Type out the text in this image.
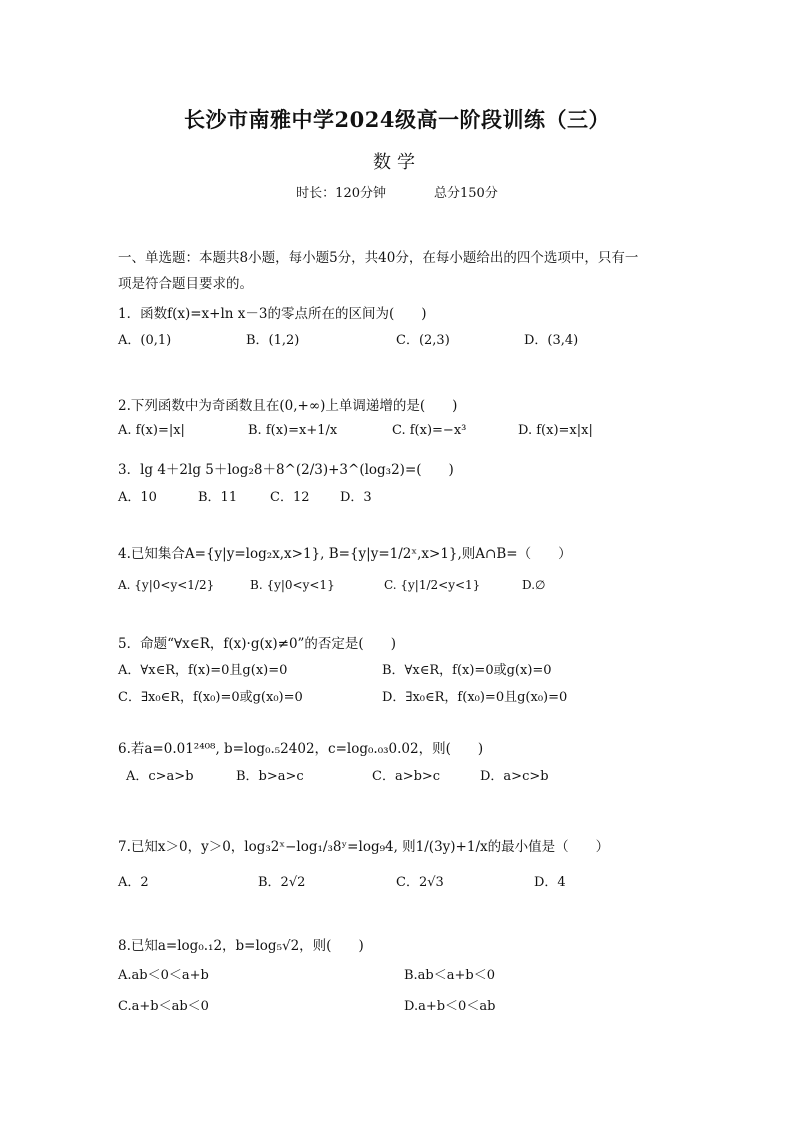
长沙市南雅中学2024级高一阶段训练（三）
数学
时长：120分钟	总分150分
一、单选题：本题共8小题，每小题5分，共40分，在每小题给出的四个选项中，只有一
项是符合题目要求的。
1．函数f(x)=x+ln x－3的零点所在的区间为(　　)
A．(0,1)	B．(1,2)	C．(2,3)	D．(3,4)
2.下列函数中为奇函数且在(0,+∞)上单调递增的是(　　)
A. f(x)=|x|	B. f(x)=x+1/x	C. f(x)=−x³	D. f(x)=x|x|
3．lg 4＋2lg 5＋log₂8＋8^(2/3)+3^(log₃2)=(　　)
A．10	B．11	C．12 D．3
4.已知集合A={y|y=log₂x,x>1}, B={y|y=1/2ˣ,x>1},则A∩B=（　　）
A. {y|0<y<1/2}	B. {y|0<y<1}	C. {y|1/2<y<1}	D.∅
5．命题“∀x∈R，f(x)·g(x)≠0”的否定是(　　)
A．∀x∈R，f(x)=0且g(x)=0	B．∀x∈R，f(x)=0或g(x)=0
C．∃x₀∈R，f(x₀)=0或g(x₀)=0	D．∃x₀∈R，f(x₀)=0且g(x₀)=0
6.若a=0.01²⁴⁰⁸, b=log₀.₅2402，c=log₀.₀₃0.02，则(　　)
A．c>a>b	B．b>a>c	C．a>b>c	D．a>c>b
7.已知x＞0，y＞0，log₃2ˣ−log₁/₃8ʸ=log₉4, 则1/(3y)+1/x的最小值是（　　）
A．2	B．2√2	C．2√3	D．4
8.已知a=log₀.₁2，b=log₅√2，则(　　)
A.ab＜0＜a+b	B.ab＜a+b＜0
C.a+b＜ab＜0	D.a+b＜0＜ab
